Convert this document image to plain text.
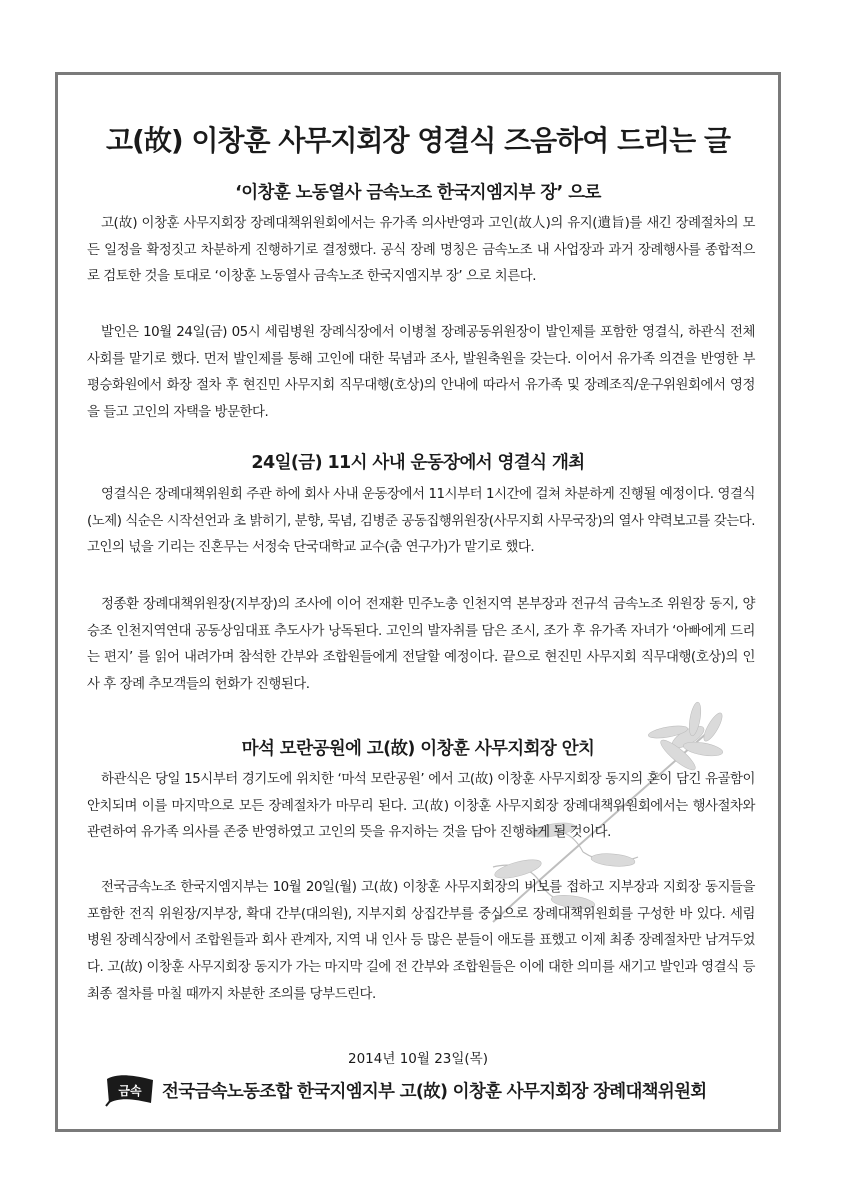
고(故) 이창훈 사무지회장 영결식 즈음하여 드리는 글
‘이창훈 노동열사 금속노조 한국지엠지부 장’ 으로

고(故) 이창훈 사무지회장 장례대책위원회에서는 유가족 의사반영과 고인(故人)의 유지(遺旨)를 새긴 장례절차의 모든 일정을 확정짓고 차분하게 진행하기로 결정했다. 공식 장례 명칭은 금속노조 내 사업장과 과거 장례행사를 종합적으로 검토한 것을 토대로 ‘이창훈 노동열사 금속노조 한국지엠지부 장’ 으로 치른다.

발인은 10월 24일(금) 05시 세림병원 장례식장에서 이병철 장례공동위원장이 발인제를 포함한 영결식, 하관식 전체 사회를 맡기로 했다. 먼저 발인제를 통해 고인에 대한 묵념과 조사, 발원축원을 갖는다. 이어서 유가족 의견을 반영한 부평승화원에서 화장 절차 후 현진민 사무지회 직무대행(호상)의 안내에 따라서 유가족 및 장례조직/운구위원회에서 영정을 들고 고인의 자택을 방문한다.

24일(금) 11시 사내 운동장에서 영결식 개최

영결식은 장례대책위원회 주관 하에 회사 사내 운동장에서 11시부터 1시간에 걸쳐 차분하게 진행될 예정이다. 영결식(노제) 식순은 시작선언과 초 밝히기, 분향, 묵념, 김병준 공동집행위원장(사무지회 사무국장)의 열사 약력보고를 갖는다. 고인의 넋을 기리는 진혼무는 서정숙 단국대학교 교수(춤 연구가)가 맡기로 했다.

정종환 장례대책위원장(지부장)의 조사에 이어 전재환 민주노총 인천지역 본부장과 전규석 금속노조 위원장 동지, 양승조 인천지역연대 공동상임대표 추도사가 낭독된다. 고인의 발자취를 담은 조시, 조가 후 유가족 자녀가 ‘아빠에게 드리는 편지’ 를 읽어 내려가며 참석한 간부와 조합원들에게 전달할 예정이다. 끝으로 현진민 사무지회 직무대행(호상)의 인사 후 장례 추모객들의 헌화가 진행된다.

마석 모란공원에 고(故) 이창훈 사무지회장 안치

하관식은 당일 15시부터 경기도에 위치한 ‘마석 모란공원’ 에서 고(故) 이창훈 사무지회장 동지의 혼이 담긴 유골함이 안치되며 이를 마지막으로 모든 장례절차가 마무리 된다. 고(故) 이창훈 사무지회장 장례대책위원회에서는 행사절차와 관련하여 유가족 의사를 존중 반영하였고 고인의 뜻을 유지하는 것을 담아 진행하게 될 것이다.

전국금속노조 한국지엠지부는 10월 20일(월) 고(故) 이창훈 사무지회장의 비보를 접하고 지부장과 지회장 동지들을 포함한 전직 위원장/지부장, 확대 간부(대의원), 지부지회 상집간부를 중심으로 장례대책위원회를 구성한 바 있다. 세림병원 장례식장에서 조합원들과 회사 관계자, 지역 내 인사 등 많은 분들이 애도를 표했고 이제 최종 장례절차만 남겨두었다. 고(故) 이창훈 사무지회장 동지가 가는 마지막 길에 전 간부와 조합원들은 이에 대한 의미를 새기고 발인과 영결식 등 최종 절차를 마칠 때까지 차분한 조의를 당부드린다.

2014년 10월 23일(목)

금속 전국금속노동조합 한국지엠지부 고(故) 이창훈 사무지회장 장례대책위원회
